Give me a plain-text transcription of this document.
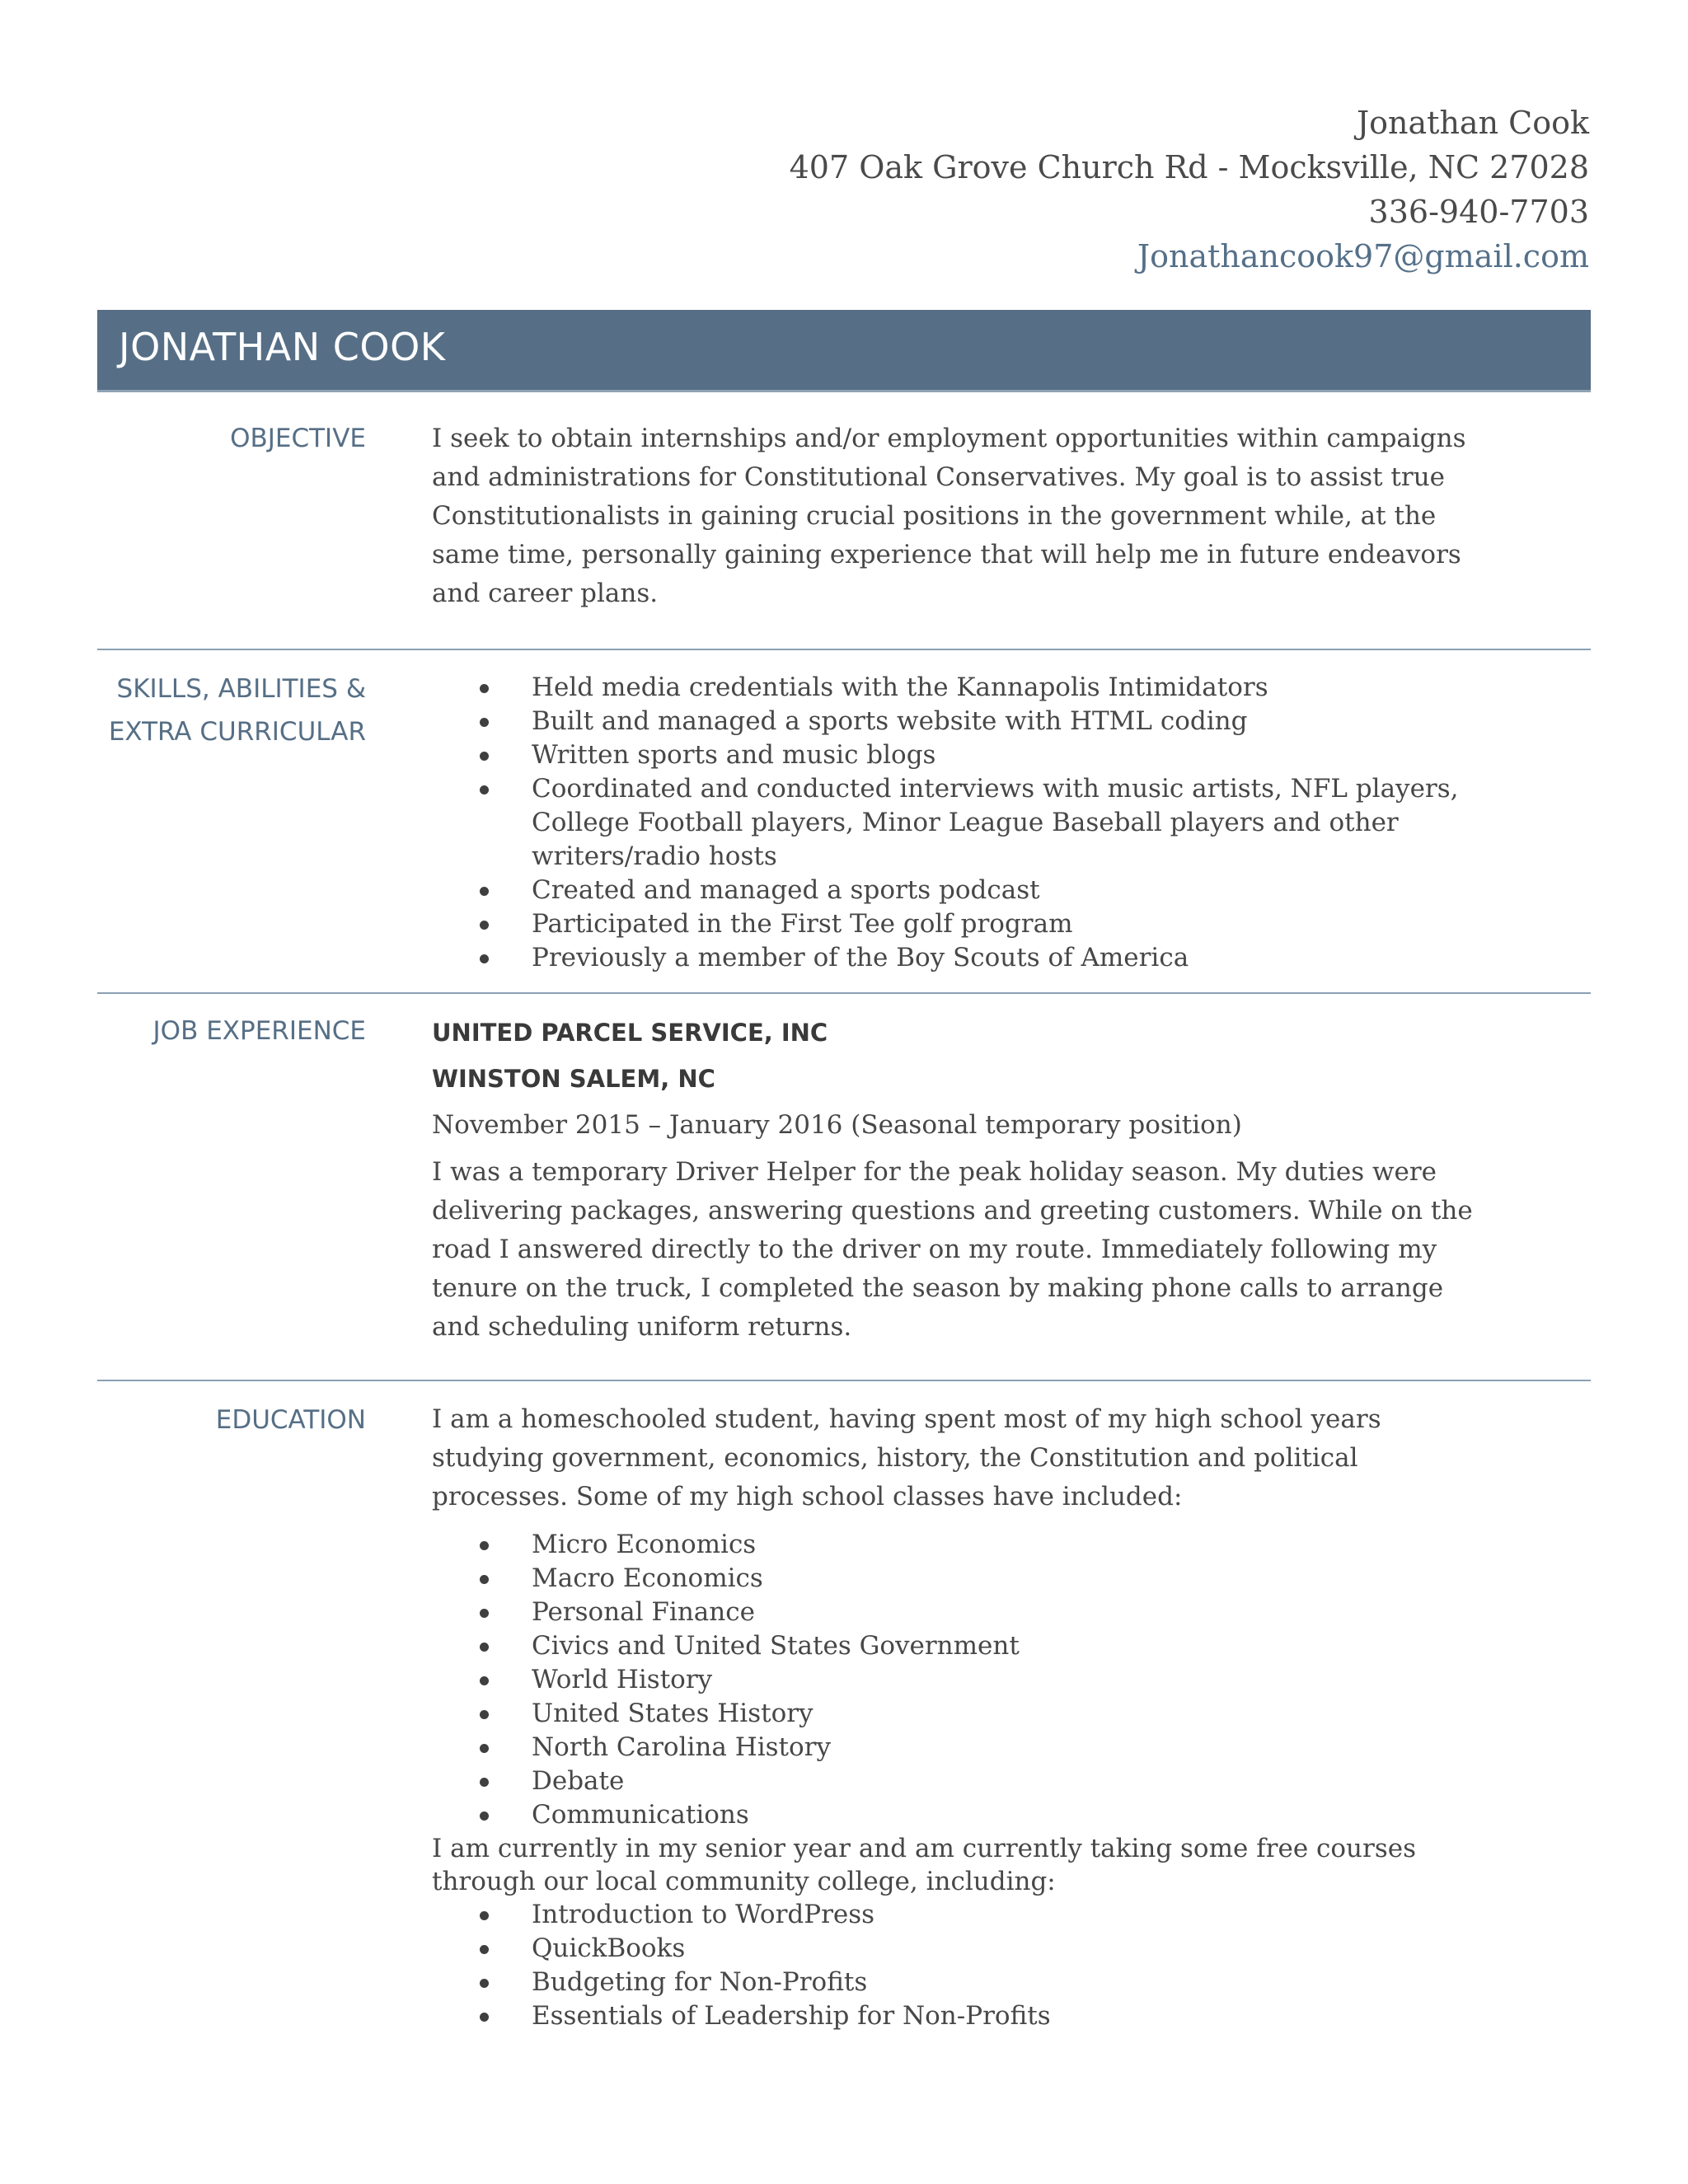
Jonathan Cook
407 Oak Grove Church Rd - Mocksville, NC 27028
336-940-7703
Jonathancook97@gmail.com
JONATHAN COOK
OBJECTIVE	I seek to obtain internships and/or employment opportunities within campaigns and administrations for Constitutional Conservatives. My goal is to assist true Constitutionalists in gaining crucial positions in the government while, at the same time, personally gaining experience that will help me in future endeavors and career plans.
SKILLS, ABILITIES &
EXTRA CURRICULAR
Held media credentials with the Kannapolis Intimidators
Built and managed a sports website with HTML coding
Written sports and music blogs
Coordinated and conducted interviews with music artists, NFL players, College Football players, Minor League Baseball players and other writers/radio hosts
Created and managed a sports podcast
Participated in the First Tee golf program
Previously a member of the Boy Scouts of America
JOB EXPERIENCE	UNITED PARCEL SERVICE, INC
WINSTON SALEM, NC
November 2015 – January 2016 (Seasonal temporary position)

I was a temporary Driver Helper for the peak holiday season. My duties were delivering packages, answering questions and greeting customers. While on the road I answered directly to the driver on my route. Immediately following my tenure on the truck, I completed the season by making phone calls to arrange and scheduling uniform returns.

EDUCATION	I am a homeschooled student, having spent most of my high school years studying government, economics, history, the Constitution and political processes. Some of my high school classes have included:

Micro Economics
Macro Economics
Personal Finance
Civics and United States Government
World History
United States History
North Carolina History
Debate
Communications

I am currently in my senior year and am currently taking some free courses through our local community college, including:

Introduction to WordPress
QuickBooks
Budgeting for Non-Profits
Essentials of Leadership for Non-Profits
